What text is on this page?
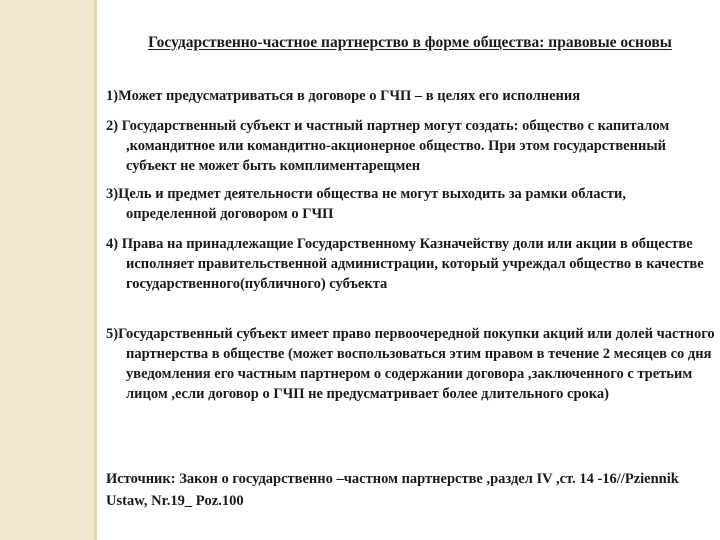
Государственно-частное партнерство в форме общества: правовые основы
1)Может предусматриваться в договоре о ГЧП – в целях его исполнения
2) Государственный субъект и частный партнер могут создать: общество с капиталом ,командитное или командитно-акционерное общество. При этом государственный субъект не может быть комплиментарещмен
3)Цель и предмет деятельности общества не могут выходить за рамки области, определенной договором о ГЧП
4) Права на принадлежащие Государственному Казначейству доли или акции в обществе исполняет правительственной администрации, который учреждал общество в качестве государственного(публичного) субъекта
5)Государственный субъект имеет право первоочередной покупки акций или долей частного партнерства в обществе (может воспользоваться этим правом в течение 2 месяцев со дня уведомления его частным партнером о содержании договора ,заключенного с третьим лицом ,если договор о ГЧП не предусматривает более длительного срока)
Источник: Закон о государственно –частном партнерстве ,раздел IV ,ст. 14 -16//Pziennik Ustaw, Nr.19_ Poz.100
